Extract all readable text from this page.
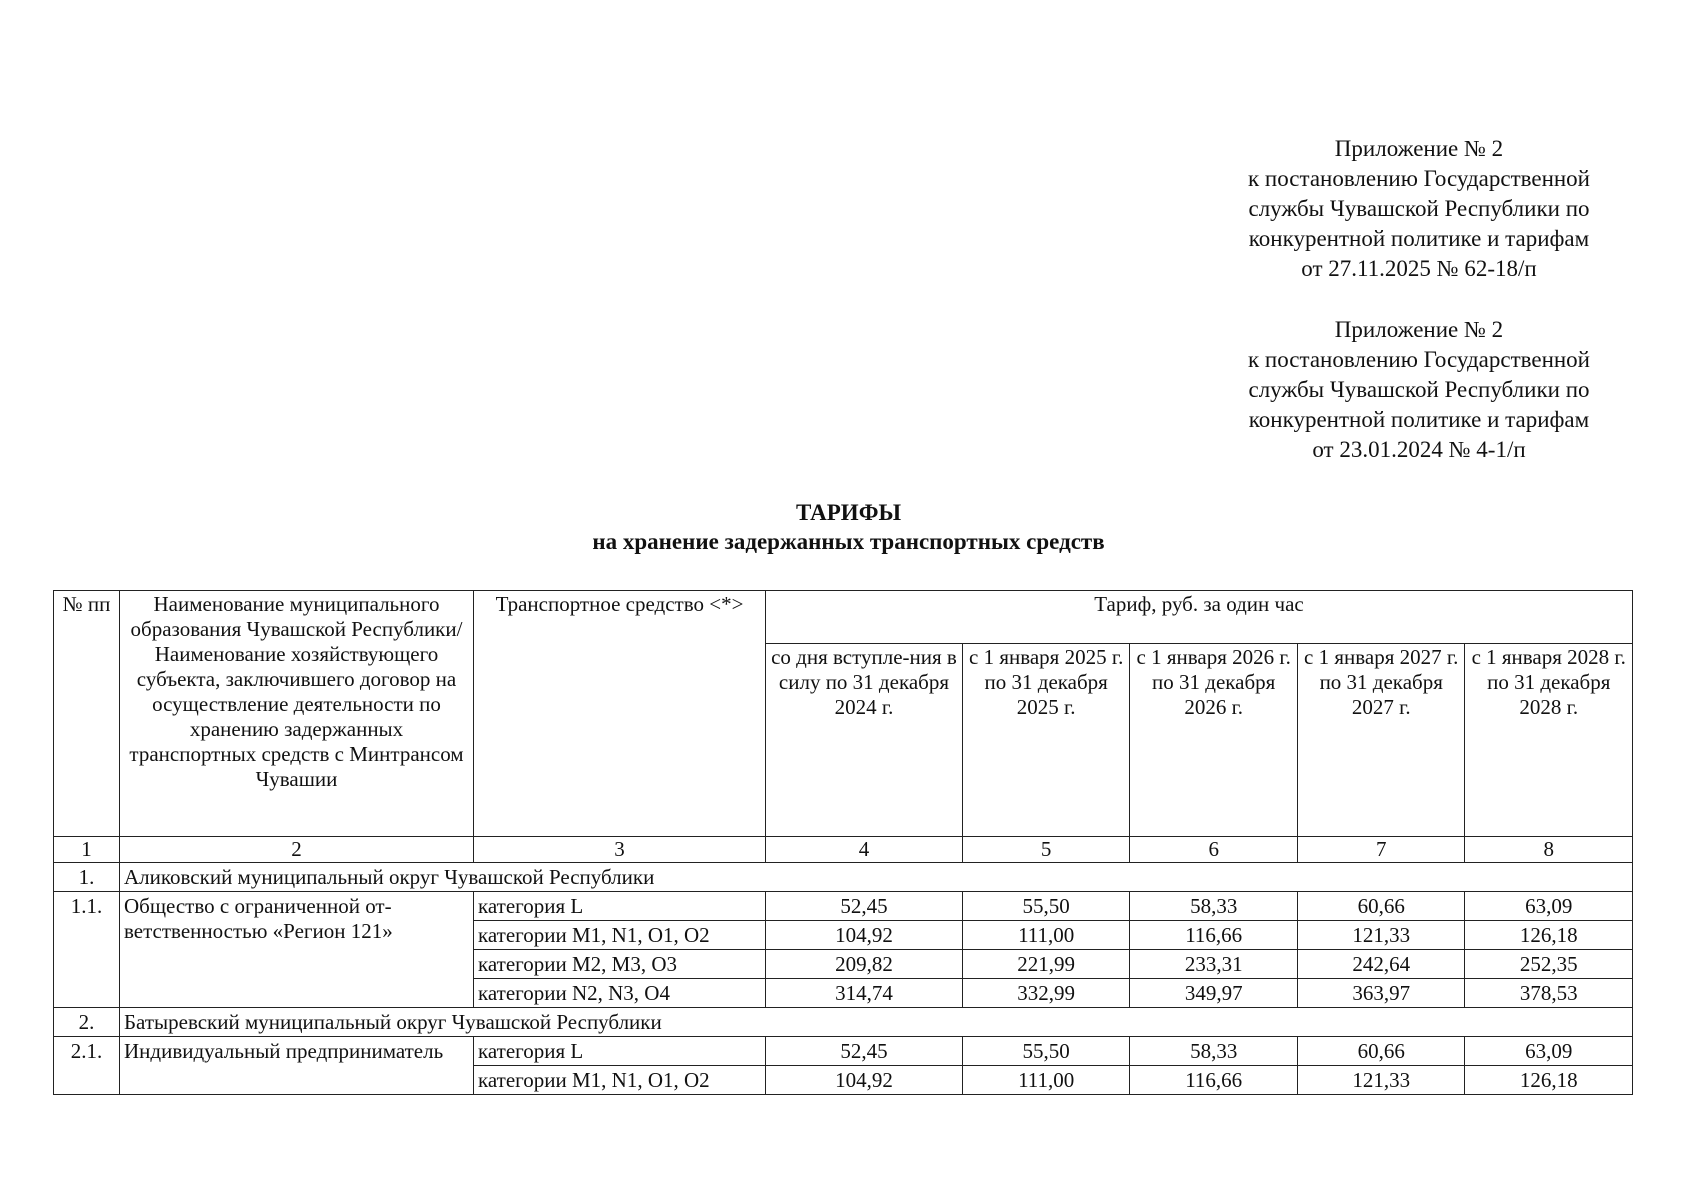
Приложение № 2
к постановлению Государственной
службы Чувашской Республики по
конкурентной политике и тарифам
от 27.11.2025 № 62-18/п
Приложение № 2
к постановлению Государственной
службы Чувашской Республики по
конкурентной политике и тарифам
от 23.01.2024 № 4-1/п
ТАРИФЫ
на хранение задержанных транспортных средств
№ пп	Наименование муниципального образования Чувашской Республики/ Наименование хозяйствующего субъекта, заключившего договор на осуществление деятельности по хранению задержанных транспортных средств с Минтрансом Чувашии	Транспортное средство <*>	Тариф, руб. за один час				
			со дня вступле-ния в силу по 31 декабря 2024 г.	с 1 января 2025 г. по 31 декабря 2025 г.	с 1 января 2026 г. по 31 декабря 2026 г.	с 1 января 2027 г. по 31 декабря 2027 г.	с 1 января 2028 г. по 31 декабря 2028 г.
1	2	3	4	5	6	7	8
1.	Аликовский муниципальный округ Чувашской Республики						
1.1.	Общество с ограниченной от-ветственностью «Регион 121»	категория L	52,45	55,50	58,33	60,66	63,09
		категории M1, N1, O1, O2	104,92	111,00	116,66	121,33	126,18
		категории M2, M3, O3	209,82	221,99	233,31	242,64	252,35
		категории N2, N3, O4	314,74	332,99	349,97	363,97	378,53
2.	Батыревский муниципальный округ Чувашской Республики						
2.1.	Индивидуальный предприниматель	категория L	52,45	55,50	58,33	60,66	63,09
		категории M1, N1, O1, O2	104,92	111,00	116,66	121,33	126,18
